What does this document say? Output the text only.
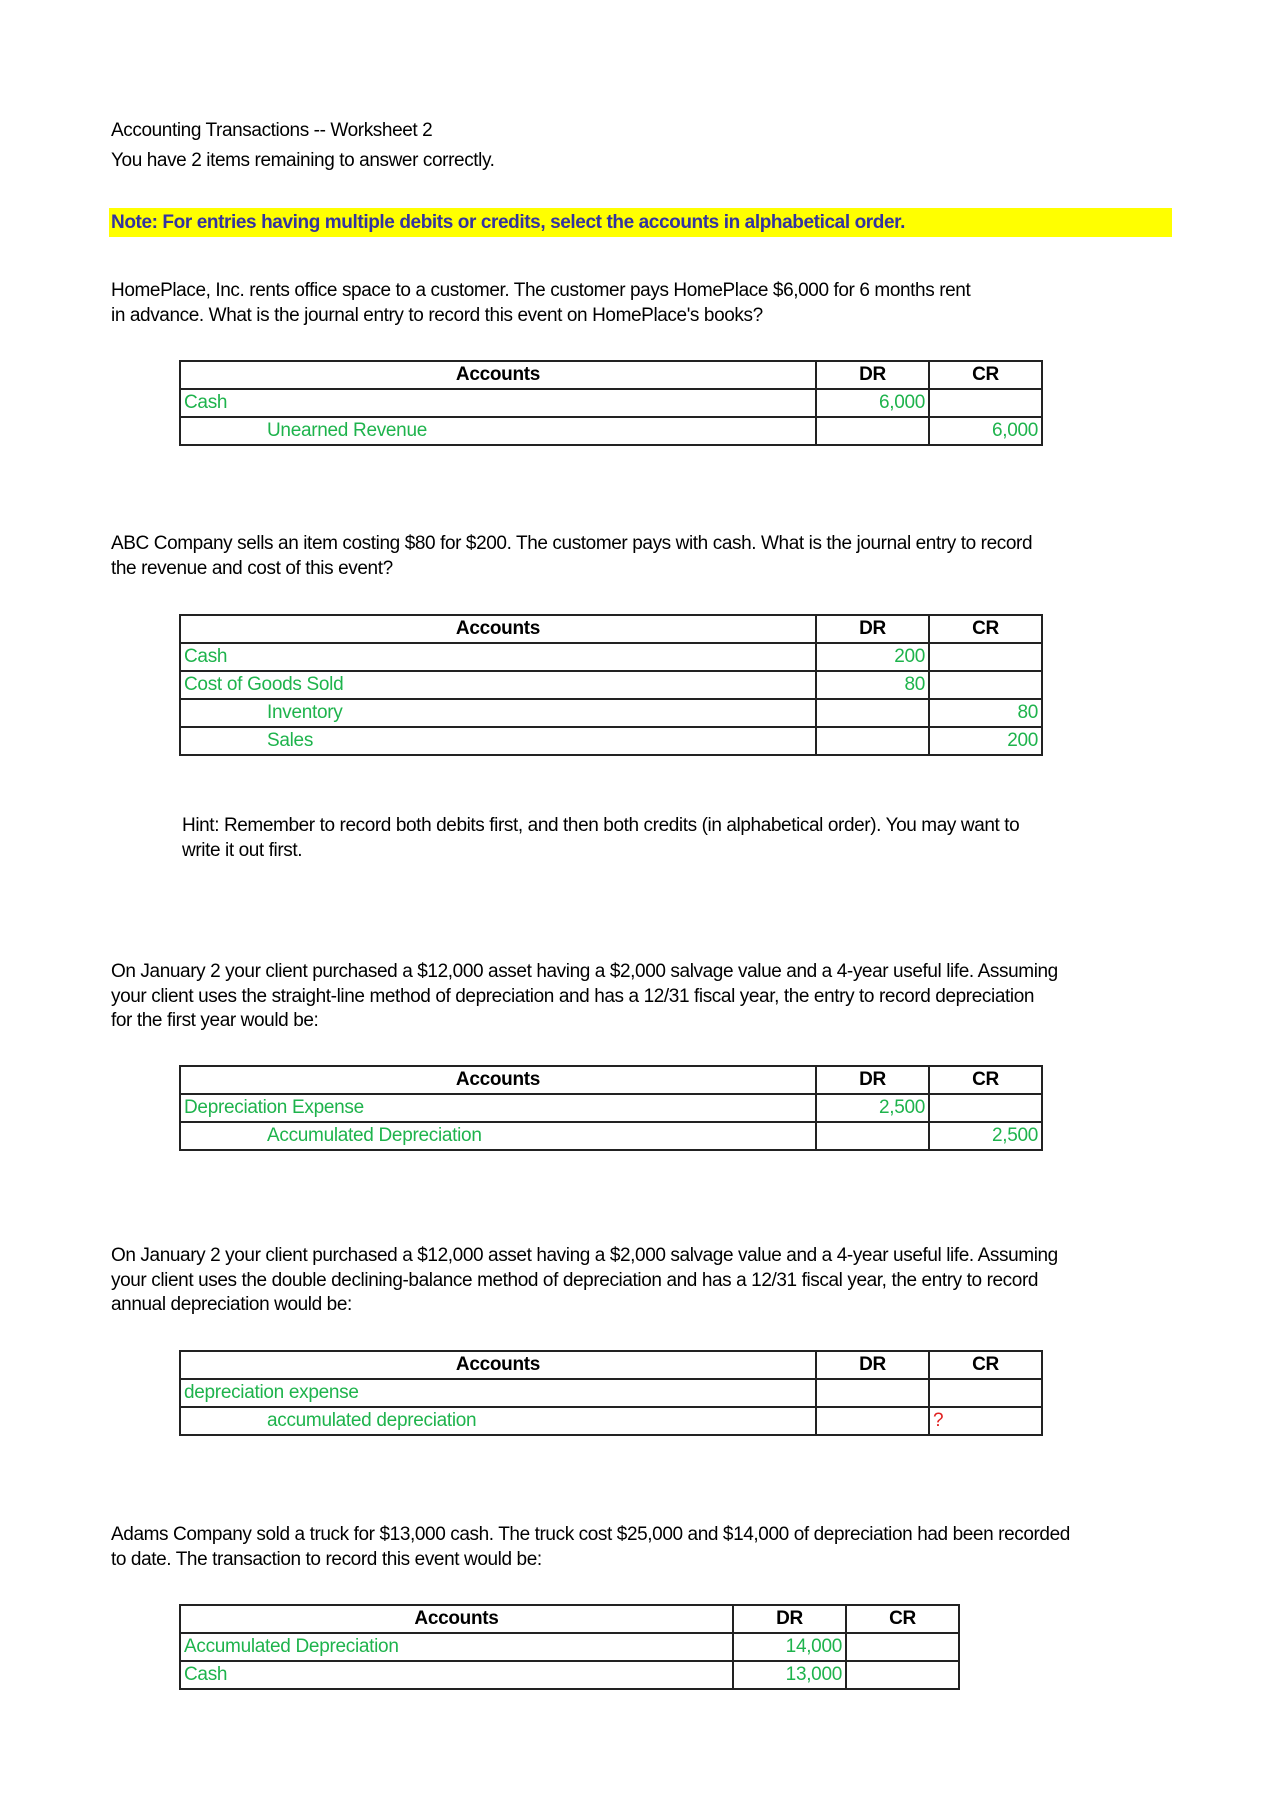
Accounting Transactions -- Worksheet 2
You have 2 items remaining to answer correctly.
Note: For entries having multiple debits or credits, select the accounts in alphabetical order.
HomePlace, Inc. rents office space to a customer. The customer pays HomePlace $6,000 for 6 months rent
in advance. What is the journal entry to record this event on HomePlace's books?
Accounts	DR	CR
Cash	6,000	
Unearned Revenue		6,000
ABC Company sells an item costing $80 for $200. The customer pays with cash. What is the journal entry to record
the revenue and cost of this event?
Accounts	DR	CR
Cash	200	
Cost of Goods Sold	80	
Inventory		80
Sales		200
Hint: Remember to record both debits first, and then both credits (in alphabetical order). You may want to
write it out first.
On January 2 your client purchased a $12,000 asset having a $2,000 salvage value and a 4-year useful life. Assuming
your client uses the straight-line method of depreciation and has a 12/31 fiscal year, the entry to record depreciation
for the first year would be:
Accounts	DR	CR
Depreciation Expense	2,500	
Accumulated Depreciation		2,500
On January 2 your client purchased a $12,000 asset having a $2,000 salvage value and a 4-year useful life. Assuming
your client uses the double declining-balance method of depreciation and has a 12/31 fiscal year, the entry to record
annual depreciation would be:
Accounts	DR	CR
depreciation expense		
accumulated depreciation		?
Adams Company sold a truck for $13,000 cash. The truck cost $25,000 and $14,000 of depreciation had been recorded
to date. The transaction to record this event would be:
Accounts	DR	CR
Accumulated Depreciation	14,000	
Cash	13,000	
